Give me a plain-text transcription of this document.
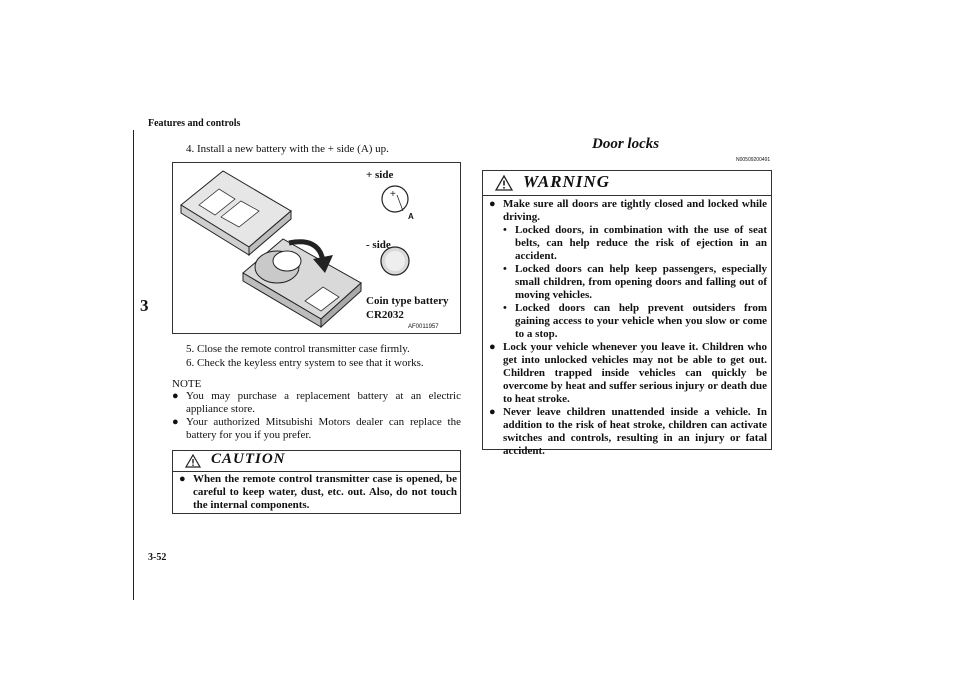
Features and controls
3
3-52
4. Install a new battery with the + side (A) up.
+
+ side
A
- side
Coin type battery
CR2032
AF0011957
5. Close the remote control transmitter case firmly.
6. Check the keyless entry system to see that it works.
NOTE
● You may purchase a replacement battery at an electric appliance store.
● Your authorized Mitsubishi Motors dealer can replace the battery for you if you prefer.
CAUTION
● When the remote control transmitter case is opened, be careful to keep water, dust, etc. out. Also, do not touch the internal components.
Door locks
N00509200491
WARNING
● Make sure all doors are tightly closed and locked while driving.
• Locked doors, in combination with the use of seat belts, can help reduce the risk of ejection in an accident.
• Locked doors can help keep passengers, especially small children, from opening doors and falling out of moving vehicles.
• Locked doors can help prevent outsiders from gaining access to your vehicle when you slow or come to a stop.
● Lock your vehicle whenever you leave it. Children who get into unlocked vehicles may not be able to get out. Children trapped inside vehicles can quickly be overcome by heat and suffer serious injury or death due to heat stroke.
● Never leave children unattended inside a vehicle. In addition to the risk of heat stroke, children can activate switches and controls, resulting in an injury or fatal accident.
